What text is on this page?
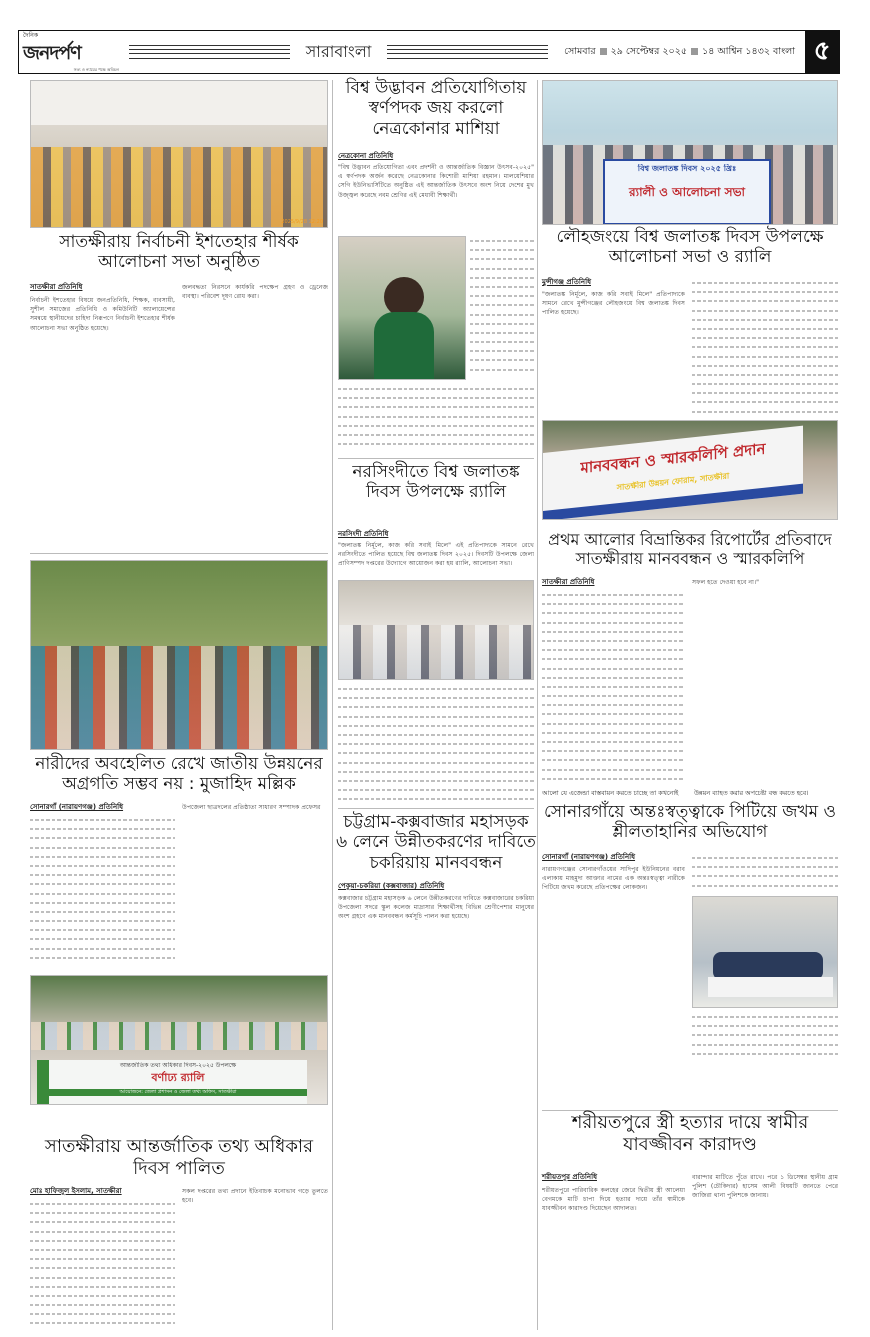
দৈনিক
জনদর্পণ
সত্য ও ন্যায়ের পক্ষে অবিচল
সারাবাংলা	সোমবার ২৯ সেপ্টেম্বর ২০২৫ ১৪ আশ্বিন ১৪৩২ বাংলা ৫
2025/9/28 12:20
সাতক্ষীরায় নির্বাচনী ইশতেহার শীর্ষক আলোচনা সভা অনুষ্ঠিত
সাতক্ষীরা প্রতিনিধি
নির্বাচনী ইশতেহার বিষয়ে জনপ্রতিনিধি, শিক্ষক, ব্যবসায়ী, সুশীল সমাজের প্রতিনিধি ও কমিউনিটি অ্যালায়েন্সের সমন্বয়ে স্থানীয়দের চাহিদা নিরূপণে নির্বাচনী ইশতেহার শীর্ষক আলোচনা সভা অনুষ্ঠিত হয়েছে।
জলবদ্ধতা নিরসনে কার্যকরি পদক্ষেপ গ্রহণ ও ড্রেনেজ ব্যবস্থা। পরিবেশ দূষণ রোধ করা।
বিশ্ব উদ্ভাবন প্রতিযোগিতায় স্বর্ণপদক জয় করলো নেত্রকোনার মাশিয়া
নেত্রকোনা প্রতিনিধি
"বিশ্ব উদ্ভাবন প্রতিযোগিতা এবং প্রদর্শনী ও আন্তর্জাতিক বিজ্ঞান উৎসব-২০২৫" এ স্বর্ণপদক অর্জন করেছে নেত্রকোনার কিশোরী মাশিয়া রহমান। মালয়েশিয়ার সেগি ইউনিভার্সিটিতে অনুষ্ঠিত এই আন্তর্জাতিক উৎসবে অংশ নিয়ে দেশের মুখ উজ্জ্বল করেছে নবম শ্রেণির এই মেধাবী শিক্ষার্থী।
বিশ্ব জলাতঙ্ক দিবস ২০২৫ খ্রিঃ
র‍্যালী ও আলোচনা সভা
লৌহজংয়ে বিশ্ব জলাতঙ্ক দিবস উপলক্ষে আলোচনা সভা ও র‍্যালি
মুন্সীগঞ্জ প্রতিনিধি
"জলাতঙ্ক নির্মূলে, কাজ করি সবাই মিলে" প্রতিপাদ্যকে সামনে রেখে মুন্সীগঞ্জের লৌহজংয়ে বিশ্ব জলাতঙ্ক দিবস পালিত হয়েছে।
নরসিংদীতে বিশ্ব জলাতঙ্ক দিবস উপলক্ষে র‍্যালি
নরসিংদী প্রতিনিধি
"জলাতঙ্ক নির্মূলে, কাজ করি সবাই মিলে" এই প্রতিপাদ্যকে সামনে রেখে নরসিংদীতে পালিত হয়েছে বিশ্ব জলাতঙ্ক দিবস ২০২৫। দিবসটি উপলক্ষে জেলা প্রাণিসম্পদ দপ্তরের উদ্যোগে আয়োজন করা হয় র‍্যালি, আলোচনা সভা।
মানববন্ধন ও স্মারকলিপি প্রদান
সাতক্ষীরা উন্নয়ন ফোরাম, সাতক্ষীরা
প্রথম আলোর বিভ্রান্তিকর রিপোর্টের প্রতিবাদে সাতক্ষীরায় মানববন্ধন ও স্মারকলিপি
সাতক্ষীরা প্রতিনিধি	সফল হতে দেওয়া হবে না।"
নারীদের অবহেলিত রেখে জাতীয় উন্নয়নের অগ্রগতি সম্ভব নয় : মুজাহিদ মল্লিক
সোনারগাঁ (নারায়ণগঞ্জ) প্রতিনিধি	উপজেলা ছাত্রদলের প্রতিষ্ঠাতা সাধারণ সম্পাদক প্রফেসর
আলো যে এজেন্ডা বাস্তবায়ন করতে চাচ্ছে তা কখনোই	উন্নয়ন ব্যাহত করার অপচেষ্টা বন্ধ করতে হবে।
চট্টগ্রাম-কক্সবাজার মহাসড়ক ৬ লেনে উন্নীতকরণের দাবিতে চকরিয়ায় মানববন্ধন
পেকুয়া-চকরিয়া (কক্সবাজার) প্রতিনিধি
কক্সবাজার চট্টগ্রাম মহাসড়ক ৬ লেনে উন্নীতকরণের দাবিতে কক্সবাজারের চকরিয়া উপজেলা সদরে স্কুল কলেজ মাদ্রাসার শিক্ষার্থীসহ বিভিন্ন শ্রেণীপেশার মানুষের অংশ গ্রহণে এক মানববন্ধন কর্মসূচি পালন করা হয়েছে।
সোনারগাঁয়ে অন্তঃস্বত্ত্বাকে পিটিয়ে জখম ও শ্লীলতাহানির অভিযোগ
সোনারগাঁ (নারায়ণগঞ্জ) প্রতিনিধি
নারায়ণগঞ্জের সোনারগাঁওয়ের সাদিপুর ইউনিয়নের বরাব এলাকায় মাহমুদা আক্তার নামের এক অন্তঃস্বত্ত্বা নারীকে পিটিয়ে জখম করেছে প্রতিপক্ষের লোকজন।
আন্তর্জাতিক তথ্য অধিকার দিবস-২০২৫ উপলক্ষে
বর্ণাঢ্য র‍্যালি
আয়োজনে: জেলা প্রশাসন ও জেলা তথ্য অফিস, সাতক্ষীরা
সাতক্ষীরায় আন্তর্জাতিক তথ্য অধিকার দিবস পালিত
মোঃ হাফিজুল ইসলাম, সাতক্ষীরা	সকল দপ্তরের তথ্য প্রদানে ইতিবাচক মনোভাব গড়ে তুলতে হবে।
শরীয়তপুরে স্ত্রী হত্যার দায়ে স্বামীর যাবজ্জীবন কারাদণ্ড
শরীয়তপুর প্রতিনিধি
শরীয়তপুরে পারিবারিক কলহের জেরে দ্বিতীয় স্ত্রী আলেয়া বেগমকে মাটি চাপা দিয়ে হত্যার দায়ে তাঁর স্বামীকে যাবজ্জীবন কারাদণ্ড দিয়েছেন আদালত।
বারান্দার মাটিতে পুঁতে রাখে। পরে ১ ডিসেম্বর স্থানীয় গ্রাম পুলিশ (চৌকিদার) হাসেম আলী বিষয়টি জানতে পেরে জাজিরা থানা পুলিশকে জানায়।
